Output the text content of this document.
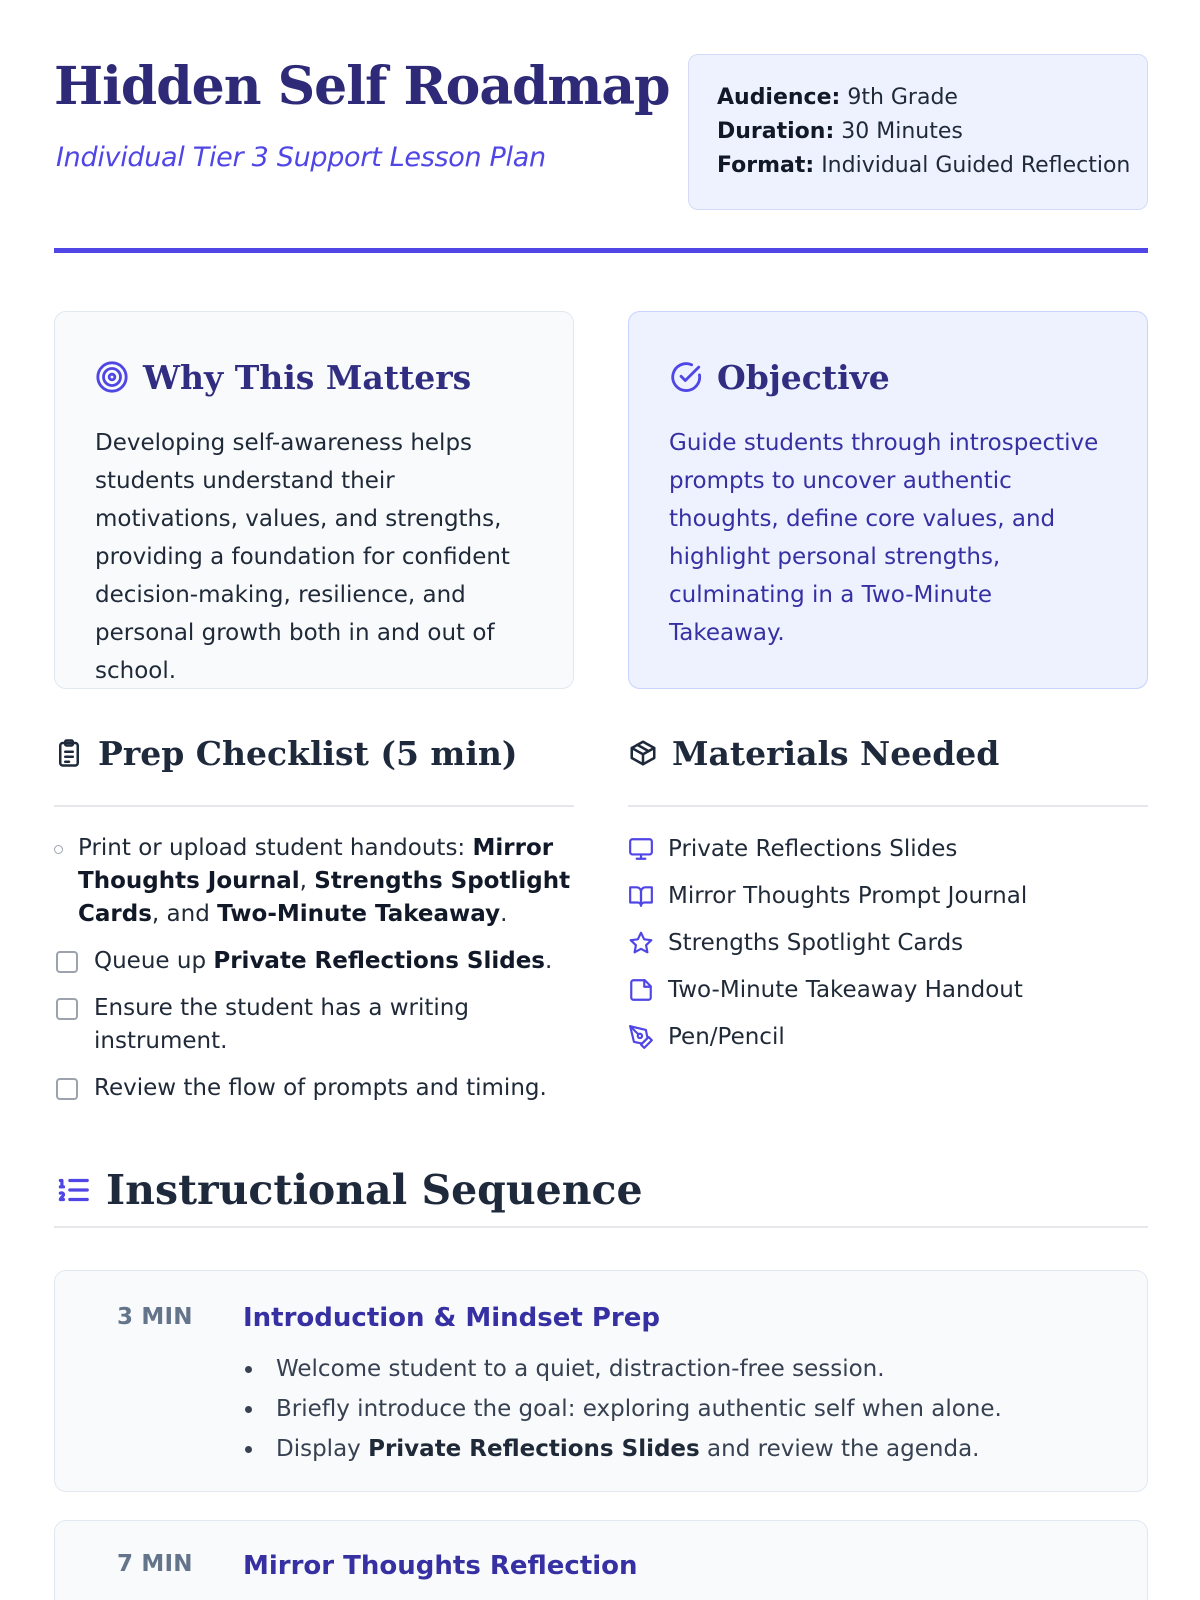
Hidden Self Roadmap
Individual Tier 3 Support Lesson Plan
Audience: 9th Grade
Duration: 30 Minutes
Format: Individual Guided Reflection
Why This Matters
Developing self-awareness helps students understand their motivations, values, and strengths, providing a foundation for confident decision-making, resilience, and personal growth both in and out of school.
Objective
Guide students through introspective prompts to uncover authentic thoughts, define core values, and highlight personal strengths, culminating in a Two-Minute Takeaway.
Prep Checklist (5 min)
Print or upload student handouts: Mirror Thoughts Journal, Strengths Spotlight Cards, and Two-Minute Takeaway.
Queue up Private Reflections Slides.
Ensure the student has a writing instrument.
Review the flow of prompts and timing.
Materials Needed
Private Reflections Slides
Mirror Thoughts Prompt Journal
Strengths Spotlight Cards
Two-Minute Takeaway Handout
Pen/Pencil
Instructional Sequence
3 MIN Introduction & Mindset Prep
Welcome student to a quiet, distraction-free session.
Briefly introduce the goal: exploring authentic self when alone.
Display Private Reflections Slides and review the agenda.
7 MIN Mirror Thoughts Reflection
